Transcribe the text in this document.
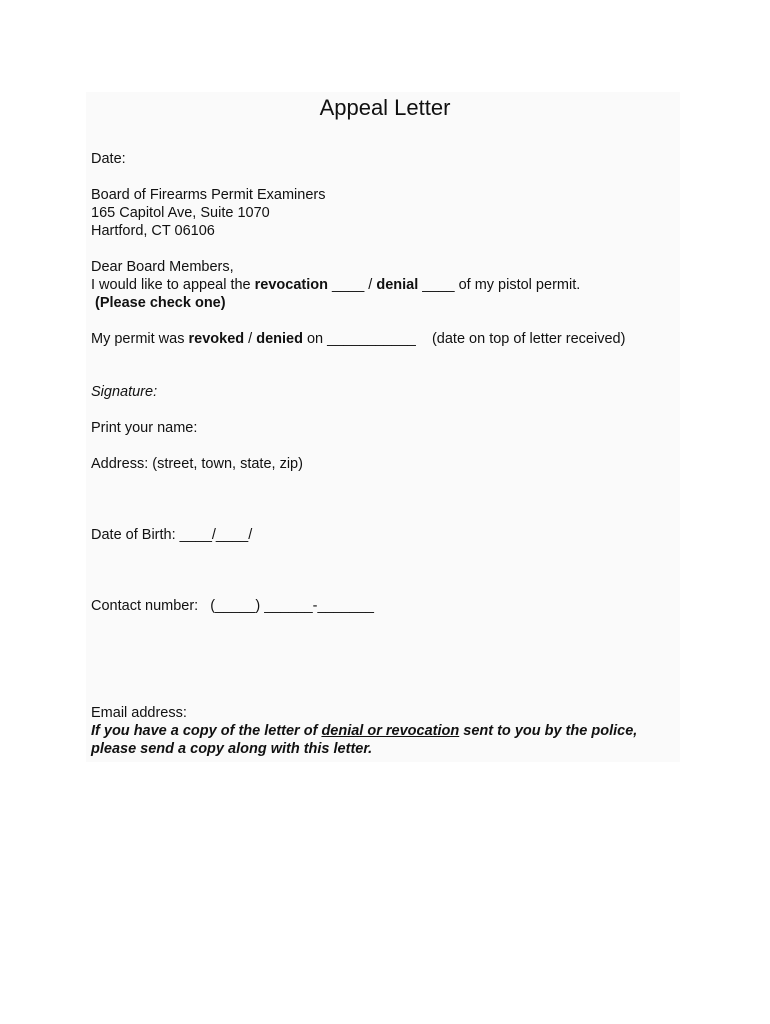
Appeal Letter
Date:
Board of Firearms Permit Examiners
165 Capitol Ave, Suite 1070
Hartford, CT 06106
Dear Board Members,
I would like to appeal the revocation ____ / denial ____ of my pistol permit.
(Please check one)
My permit was revoked / denied on ___________    (date on top of letter received)
Signature:
Print your name:
Address: (street, town, state, zip)
Date of Birth: ____/____/
Contact number:   (_____) ______-_______
Email address:
If you have a copy of the letter of denial or revocation sent to you by the police,
please send a copy along with this letter.
